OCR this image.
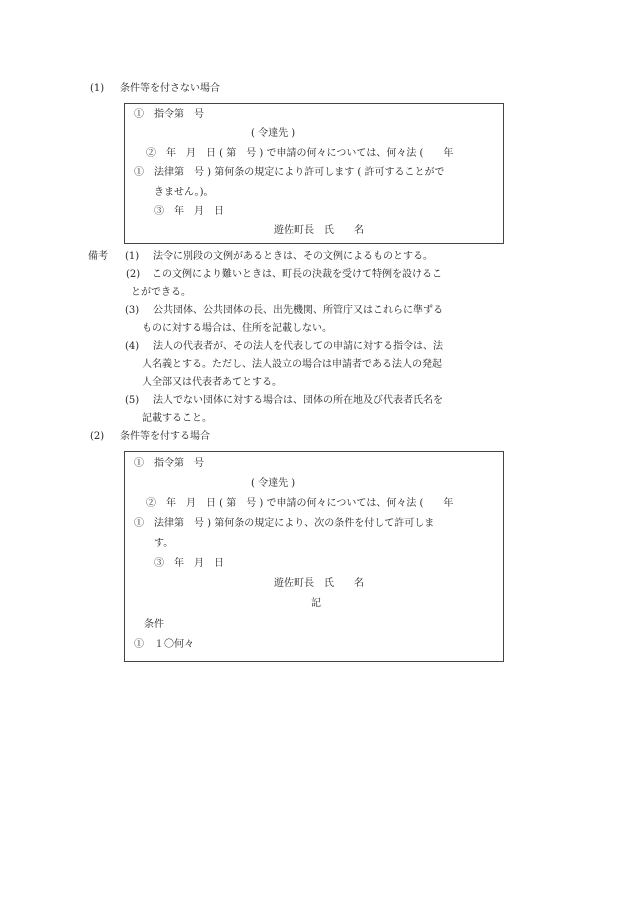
(1) 条件等を付さない場合
①　指令第　号
( 令達先 )
②　年　月　日 ( 第　号 ) で申請の何々については、何々法 (　　年
①　法律第　号 ) 第何条の規定により許可します ( 許可することがで
きません。)。
③　年　月　日
遊佐町長　氏　　名
備考 (1) 法令に別段の文例があるときは、その文例によるものとする。
(2) この文例により難いときは、町長の決裁を受けて特例を設けるこ
とができる。
(3) 公共団体、公共団体の長、出先機関、所管庁又はこれらに準ずる
ものに対する場合は、住所を記載しない。
(4) 法人の代表者が、その法人を代表しての申請に対する指令は、法
人名義とする。ただし、法人設立の場合は申請者である法人の発起
人全部又は代表者あてとする。
(5) 法人でない団体に対する場合は、団体の所在地及び代表者氏名を
記載すること。
(2) 条件等を付する場合
①　指令第　号
( 令達先 )
②　年　月　日 ( 第　号 ) で申請の何々については、何々法 (　　年
①　法律第　号 ) 第何条の規定により、次の条件を付して許可しま
す。
③　年　月　日
遊佐町長　氏　　名
記
条件
①　１〇何々
